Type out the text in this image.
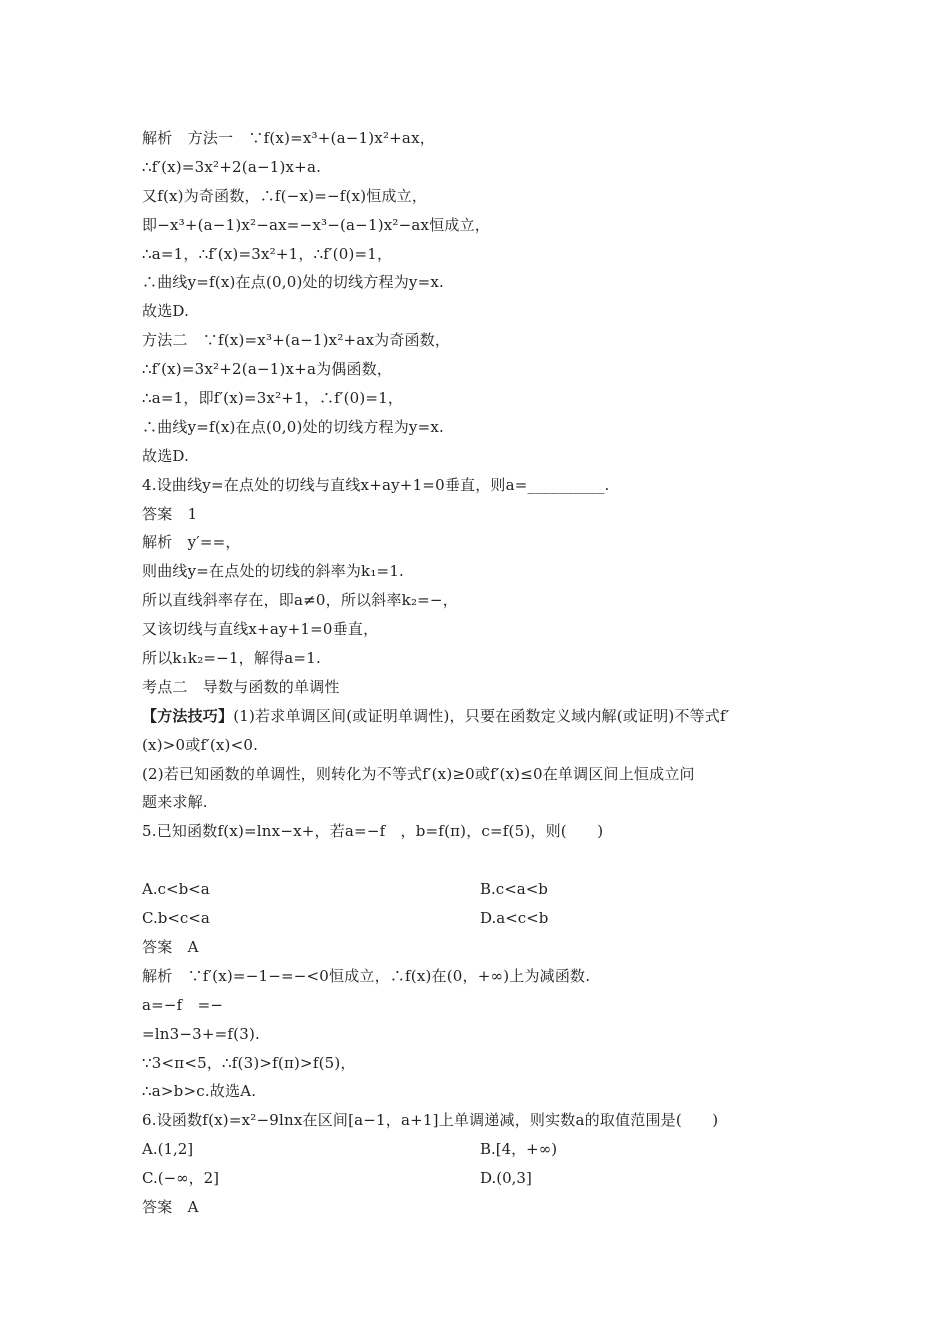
解析　方法一　∵f(x)=x³+(a−1)x²+ax，
∴f′(x)=3x²+2(a−1)x+a.
又f(x)为奇函数，∴f(−x)=−f(x)恒成立，
即−x³+(a−1)x²−ax=−x³−(a−1)x²−ax恒成立，
∴a=1，∴f′(x)=3x²+1，∴f′(0)=1，
∴曲线y=f(x)在点(0,0)处的切线方程为y=x.
故选D.
方法二　∵f(x)=x³+(a−1)x²+ax为奇函数，
∴f′(x)=3x²+2(a−1)x+a为偶函数，
∴a=1，即f′(x)=3x²+1，∴f′(0)=1，
∴曲线y=f(x)在点(0,0)处的切线方程为y=x.
故选D.
4.设曲线y=在点处的切线与直线x+ay+1=0垂直，则a=__________.
答案　1
解析　y′==，
则曲线y=在点处的切线的斜率为k₁=1.
所以直线斜率存在，即a≠0，所以斜率k₂=−，
又该切线与直线x+ay+1=0垂直，
所以k₁k₂=−1，解得a=1.
考点二　导数与函数的单调性
【方法技巧】(1)若求单调区间(或证明单调性)，只要在函数定义域内解(或证明)不等式f′
(x)>0或f′(x)<0.
(2)若已知函数的单调性，则转化为不等式f′(x)≥0或f′(x)≤0在单调区间上恒成立问
题来求解.
5.已知函数f(x)=lnx−x+，若a=−f　，b=f(π)，c=f(5)，则(　　)
A.c<b<a	B.c<a<b
C.b<c<a	D.a<c<b
答案　A
解析　∵f′(x)=−1−=−<0恒成立，∴f(x)在(0，+∞)上为减函数.
a=−f　=−
=ln3−3+=f(3).
∵3<π<5，∴f(3)>f(π)>f(5)，
∴a>b>c.故选A.
6.设函数f(x)=x²−9lnx在区间[a−1，a+1]上单调递减，则实数a的取值范围是(　　)
A.(1,2]	B.[4，+∞)
C.(−∞，2]	D.(0,3]
答案　A
